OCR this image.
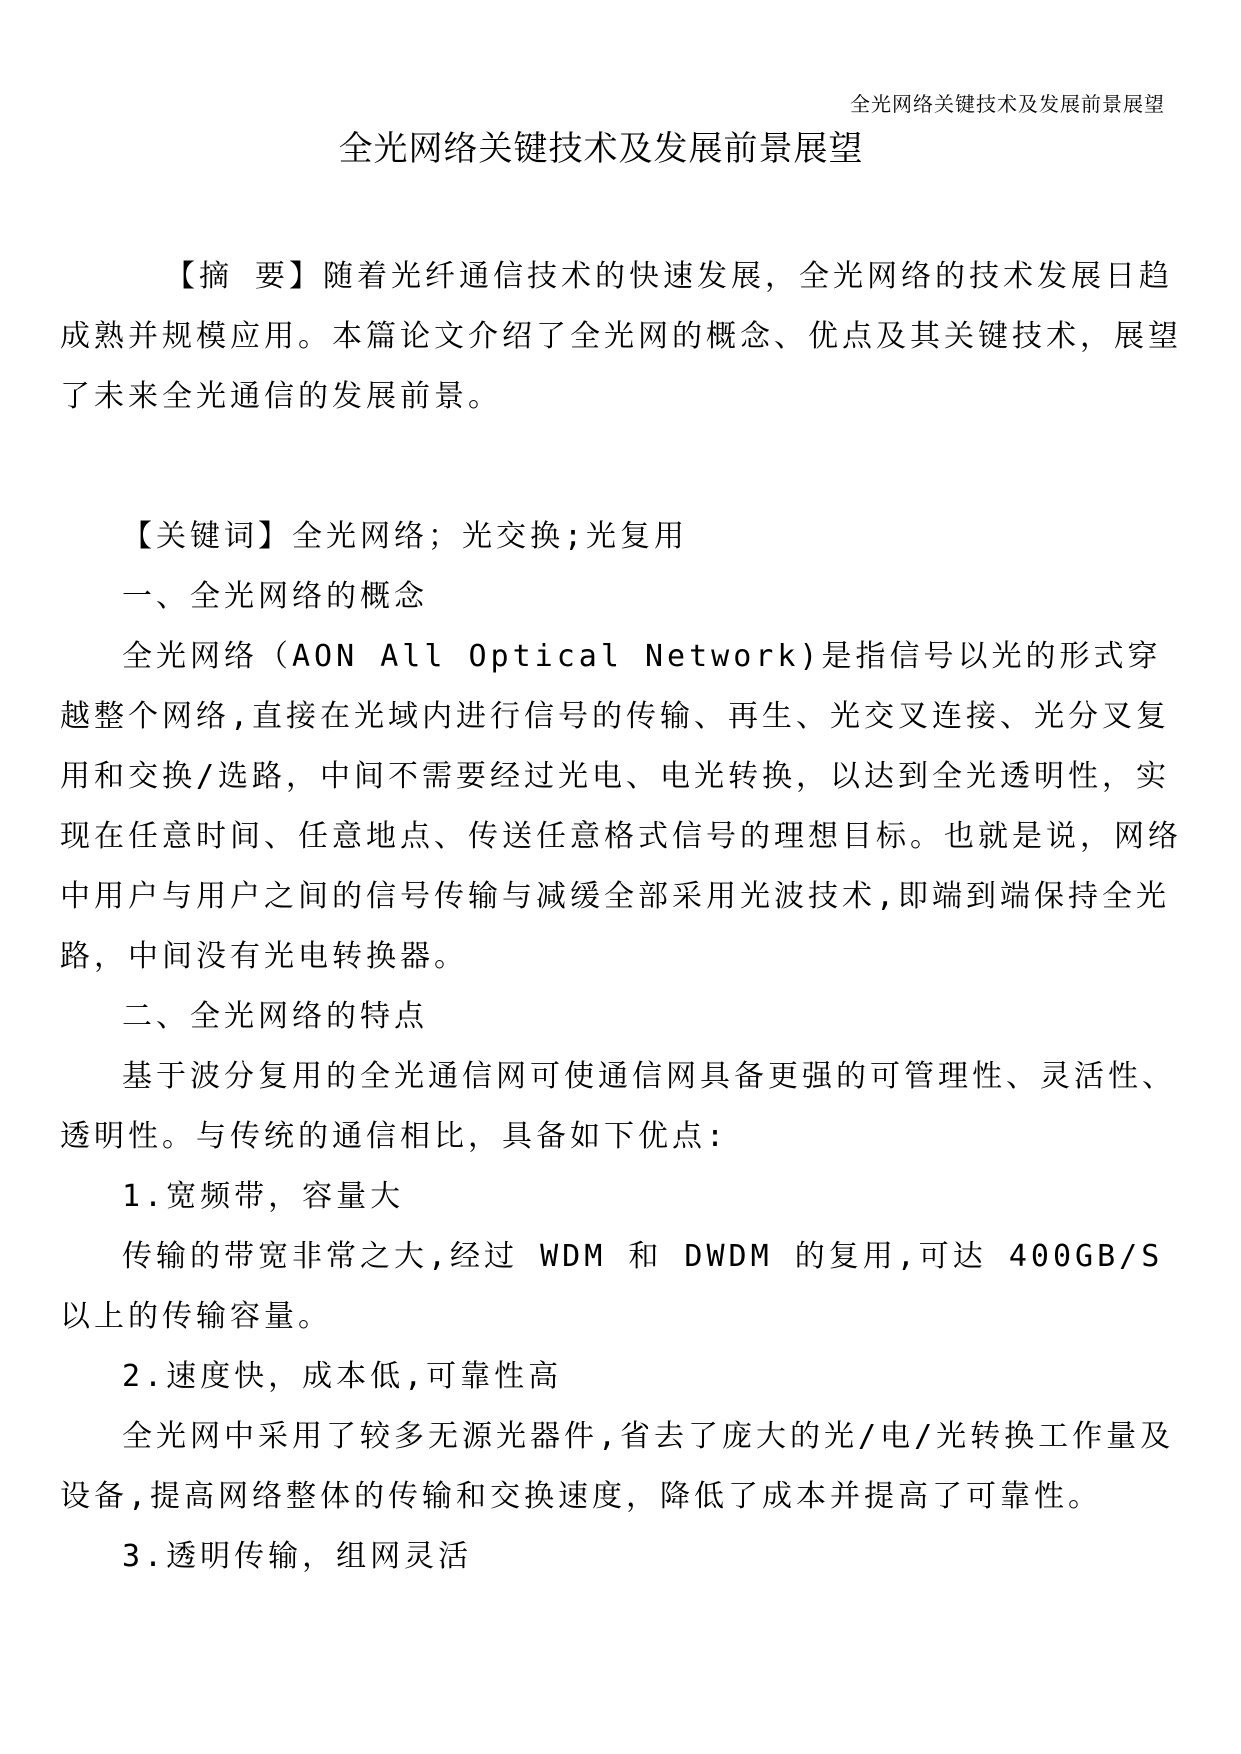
全光网络关键技术及发展前景展望
全光网络关键技术及发展前景展望

【摘 要】随着光纤通信技术的快速发展，全光网络的技术发展日趋成熟并规模应用。本篇论文介绍了全光网的概念、优点及其关键技术，展望了未来全光通信的发展前景。

【关键词】全光网络；光交换;光复用

一、全光网络的概念

全光网络（AON All Optical Network)是指信号以光的形式穿越整个网络,直接在光域内进行信号的传输、再生、光交叉连接、光分叉复用和交换/选路，中间不需要经过光电、电光转换，以达到全光透明性，实现在任意时间、任意地点、传送任意格式信号的理想目标。也就是说，网络中用户与用户之间的信号传输与减缓全部采用光波技术,即端到端保持全光路，中间没有光电转换器。

二、全光网络的特点

基于波分复用的全光通信网可使通信网具备更强的可管理性、灵活性、透明性。与传统的通信相比，具备如下优点:

1.宽频带，容量大

传输的带宽非常之大,经过 WDM 和 DWDM 的复用,可达 400GB/S 以上的传输容量。

2.速度快，成本低,可靠性高

全光网中采用了较多无源光器件,省去了庞大的光/电/光转换工作量及设备,提高网络整体的传输和交换速度，降低了成本并提高了可靠性。

3.透明传输，组网灵活
